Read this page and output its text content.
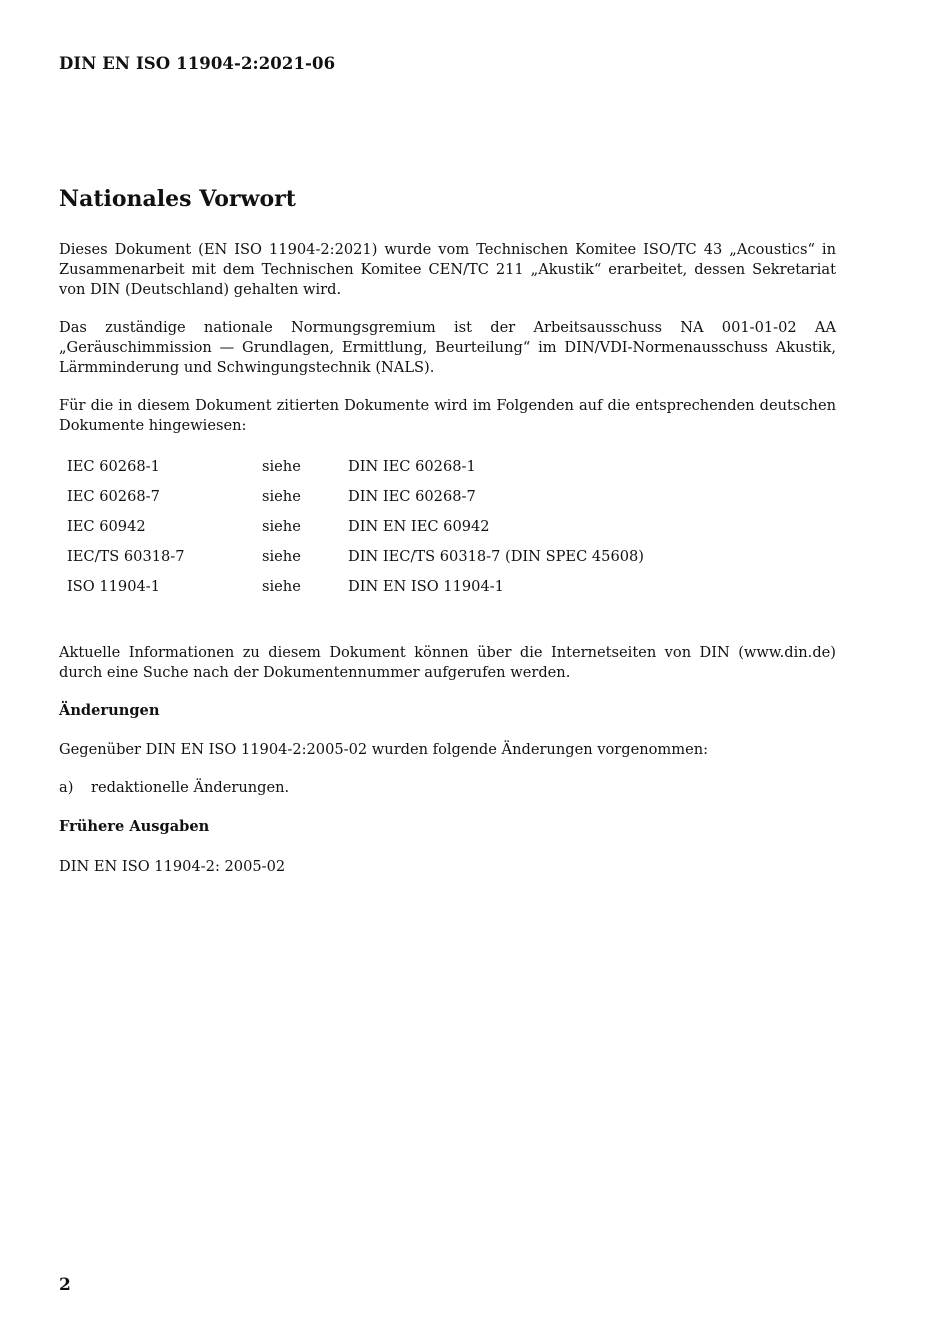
DIN EN ISO 11904-2:2021-06
Nationales Vorwort

Dieses Dokument (EN ISO 11904-2:2021) wurde vom Technischen Komitee ISO/TC 43 „Acoustics“ in Zusammenarbeit mit dem Technischen Komitee CEN/TC 211 „Akustik“ erarbeitet, dessen Sekretariat von DIN (Deutschland) gehalten wird.

Das zuständige nationale Normungsgremium ist der Arbeitsausschuss NA 001-01-02 AA „Geräuschimmission — Grundlagen, Ermittlung, Beurteilung“ im DIN/VDI-Normenausschuss Akustik, Lärmminderung und Schwingungstechnik (NALS).

Für die in diesem Dokument zitierten Dokumente wird im Folgenden auf die entsprechenden deutschen Dokumente hingewiesen:

IEC 60268-1	siehe	DIN IEC 60268-1
IEC 60268-7	siehe	DIN IEC 60268-7
IEC 60942	siehe	DIN EN IEC 60942
IEC/TS 60318-7	siehe	DIN IEC/TS 60318-7 (DIN SPEC 45608)
ISO 11904-1	siehe	DIN EN ISO 11904-1

Aktuelle Informationen zu diesem Dokument können über die Internetseiten von DIN (www.din.de) durch eine Suche nach der Dokumentennummer aufgerufen werden.

Änderungen

Gegenüber DIN EN ISO 11904-2:2005-02 wurden folgende Änderungen vorgenommen:

a) redaktionelle Änderungen.
Frühere Ausgaben

DIN EN ISO 11904-2: 2005-02

2
